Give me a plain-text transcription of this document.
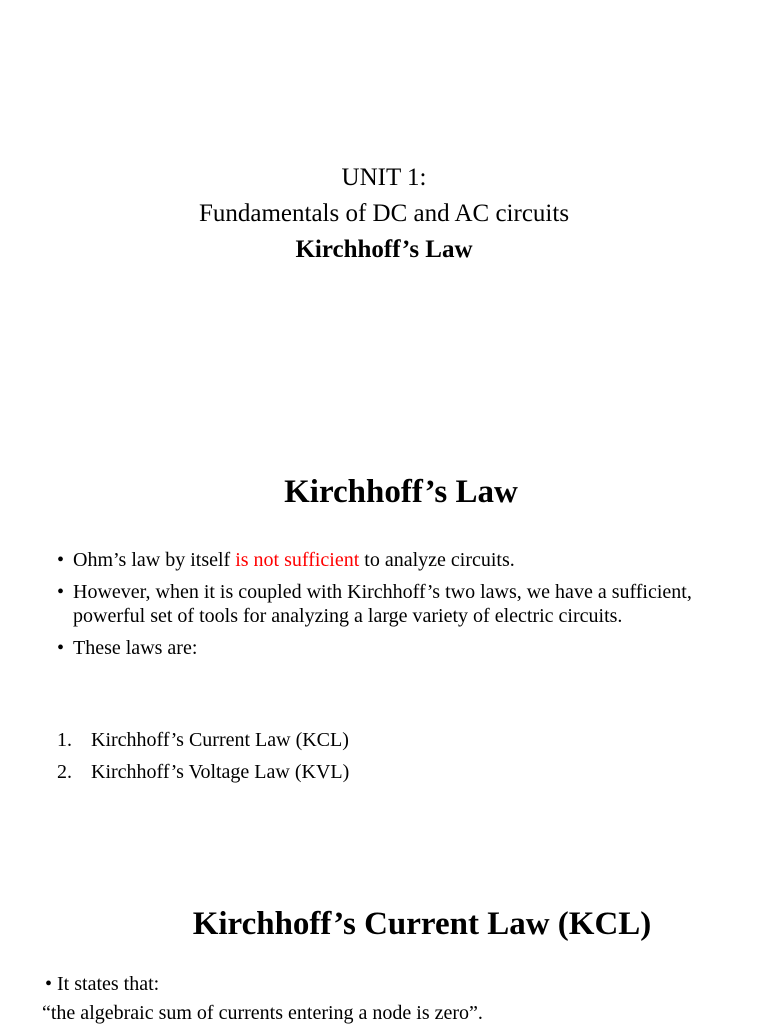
UNIT 1:
Fundamentals of DC and AC circuits
Kirchhoff’s Law
Kirchhoff’s Law
• Ohm’s law by itself is not sufficient to analyze circuits.
• However, when it is coupled with Kirchhoff’s two laws, we have a sufficient, powerful set of tools for analyzing a large variety of electric circuits.
• These laws are:
1. Kirchhoff’s Current Law (KCL)
2. Kirchhoff’s Voltage Law (KVL)
Kirchhoff’s Current Law (KCL)
• It states that:
“the algebraic sum of currents entering a node is zero”.
